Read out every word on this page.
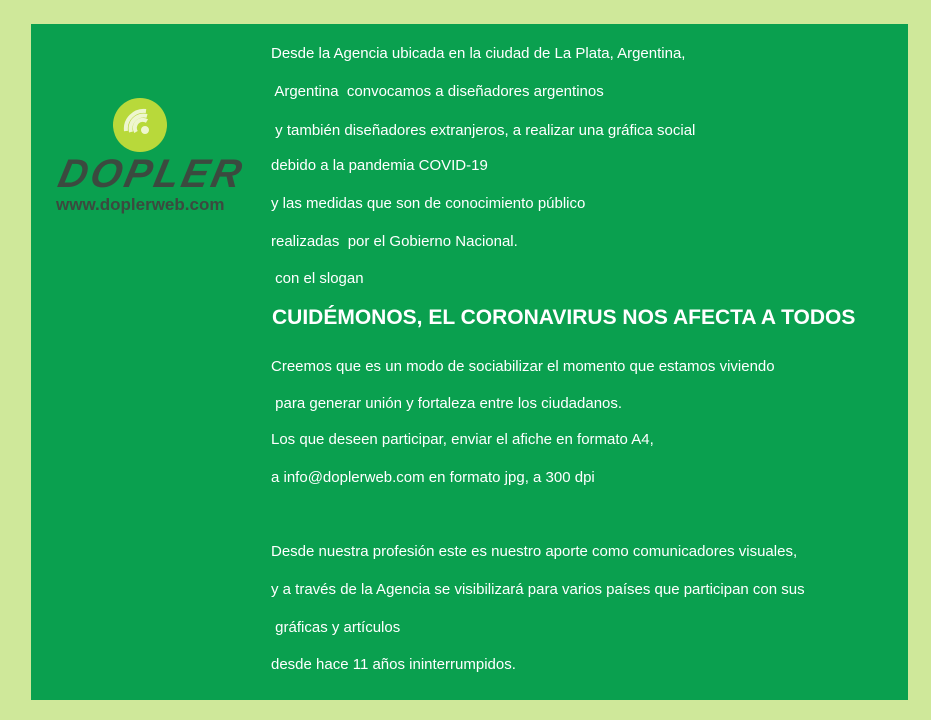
DOPLER
www.doplerweb.com
Desde la Agencia ubicada en la ciudad de La Plata, Argentina,
Argentina  convocamos a diseñadores argentinos
y también diseñadores extranjeros, a realizar una gráfica social
debido a la pandemia COVID-19
y las medidas que son de conocimiento público
realizadas  por el Gobierno Nacional.
con el slogan
CUIDÉMONOS, EL CORONAVIRUS NOS AFECTA A TODOS
Creemos que es un modo de sociabilizar el momento que estamos viviendo
para generar unión y fortaleza entre los ciudadanos.
Los que deseen participar, enviar el afiche en formato A4,
a info@doplerweb.com en formato jpg, a 300 dpi
Desde nuestra profesión este es nuestro aporte como comunicadores visuales,
y a través de la Agencia se visibilizará para varios países que participan con sus
gráficas y artículos
desde hace 11 años ininterrumpidos.
